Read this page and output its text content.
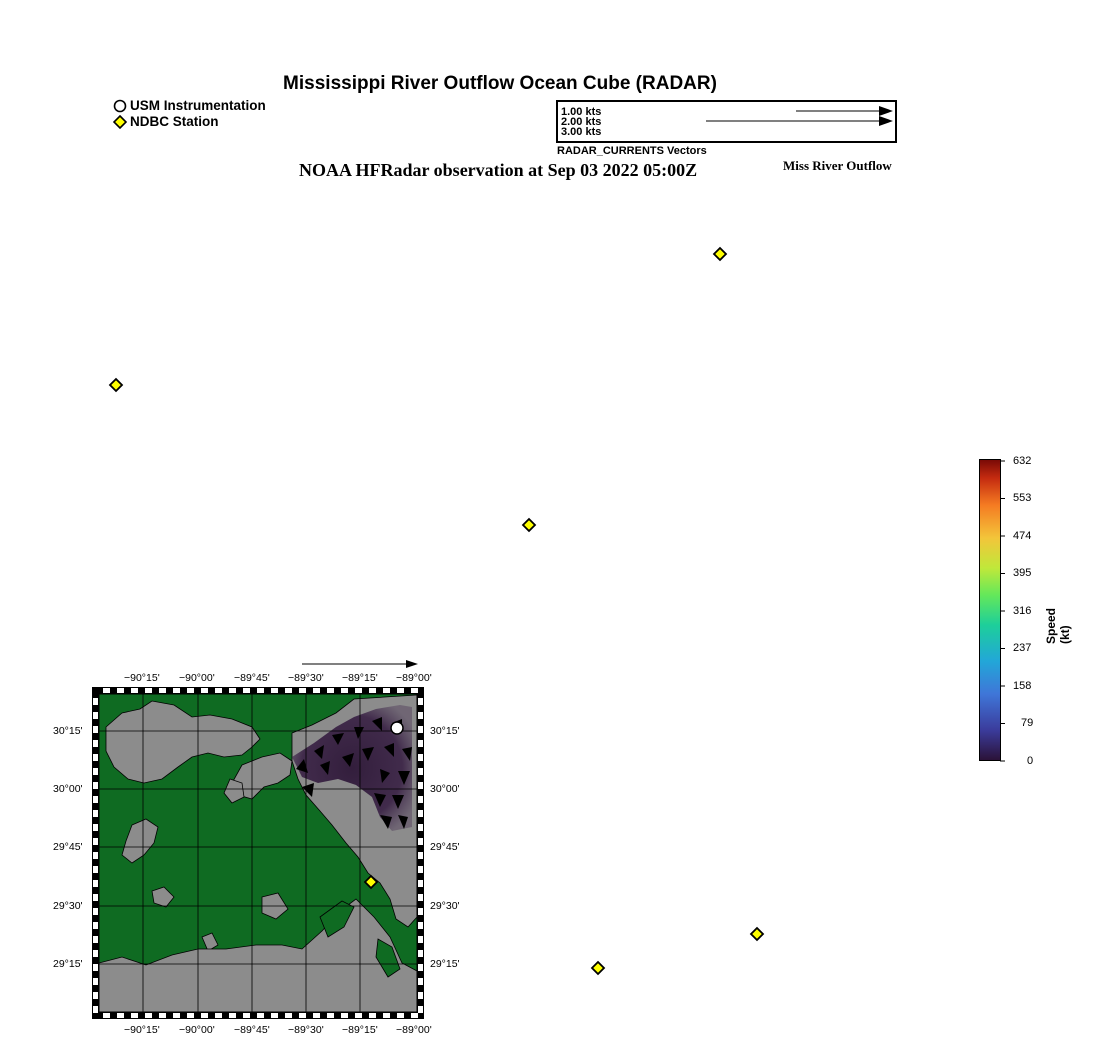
Mississippi River Outflow Ocean Cube (RADAR)
USM Instrumentation
NDBC Station
1.00 kts
2.00 kts
3.00 kts
RADAR_CURRENTS Vectors
NOAA HFRadar observation at Sep 03 2022 05:00Z	Miss River Outflow
632
553
474
395
316
237
158
79
0
Speed (kt)
−90°15' −90°00' −89°45' −89°30' −89°15' −89°00'
−90°15' −90°00' −89°45' −89°30' −89°15' −89°00'
30°15'
30°00'
29°45'
29°30'
29°15'
30°15'
30°00'
29°45'
29°30'
29°15'
